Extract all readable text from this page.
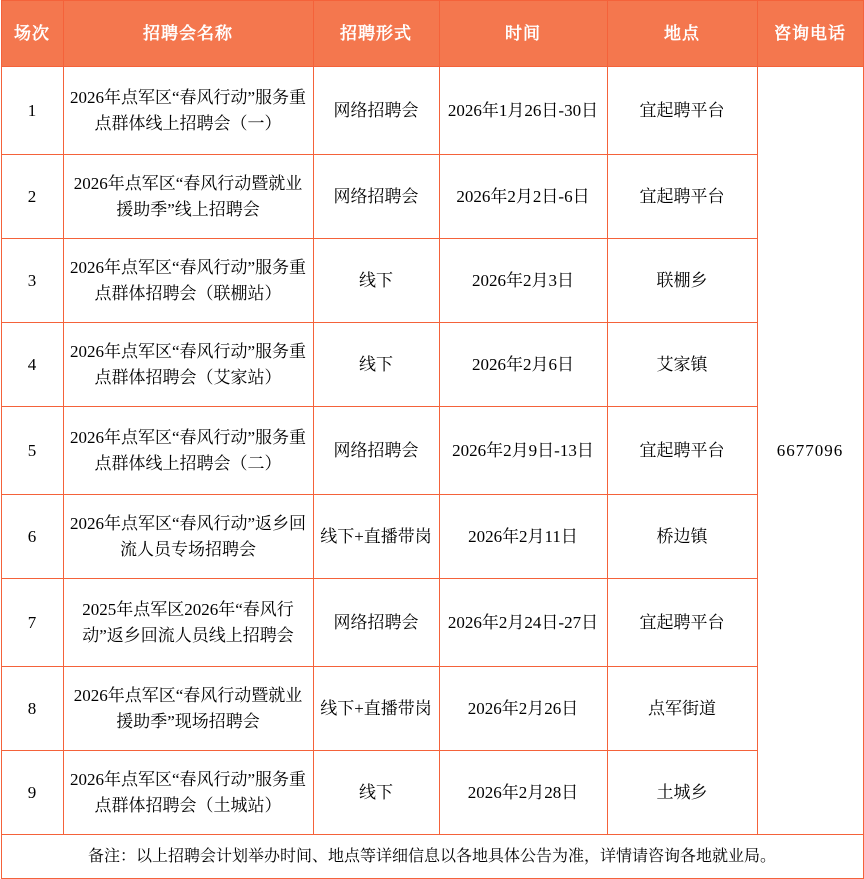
场次	招聘会名称	招聘形式	时间	地点	咨询电话
1	2026年点军区“春风行动”服务重点群体线上招聘会（一）	网络招聘会	2026年1月26日-30日	宜起聘平台	6677096
2	2026年点军区“春风行动暨就业援助季”线上招聘会	网络招聘会	2026年2月2日-6日	宜起聘平台	
3	2026年点军区“春风行动”服务重点群体招聘会（联棚站）	线下	2026年2月3日	联棚乡	
4	2026年点军区“春风行动”服务重点群体招聘会（艾家站）	线下	2026年2月6日	艾家镇	
5	2026年点军区“春风行动”服务重点群体线上招聘会（二）	网络招聘会	2026年2月9日-13日	宜起聘平台	
6	2026年点军区“春风行动”返乡回流人员专场招聘会	线下+直播带岗	2026年2月11日	桥边镇	
7	2025年点军区2026年“春风行动”返乡回流人员线上招聘会	网络招聘会	2026年2月24日-27日	宜起聘平台	
8	2026年点军区“春风行动暨就业援助季”现场招聘会	线下+直播带岗	2026年2月26日	点军街道	
9	2026年点军区“春风行动”服务重点群体招聘会（土城站）	线下	2026年2月28日	土城乡	
备注：以上招聘会计划举办时间、地点等详细信息以各地具体公告为准，详情请咨询各地就业局。					
